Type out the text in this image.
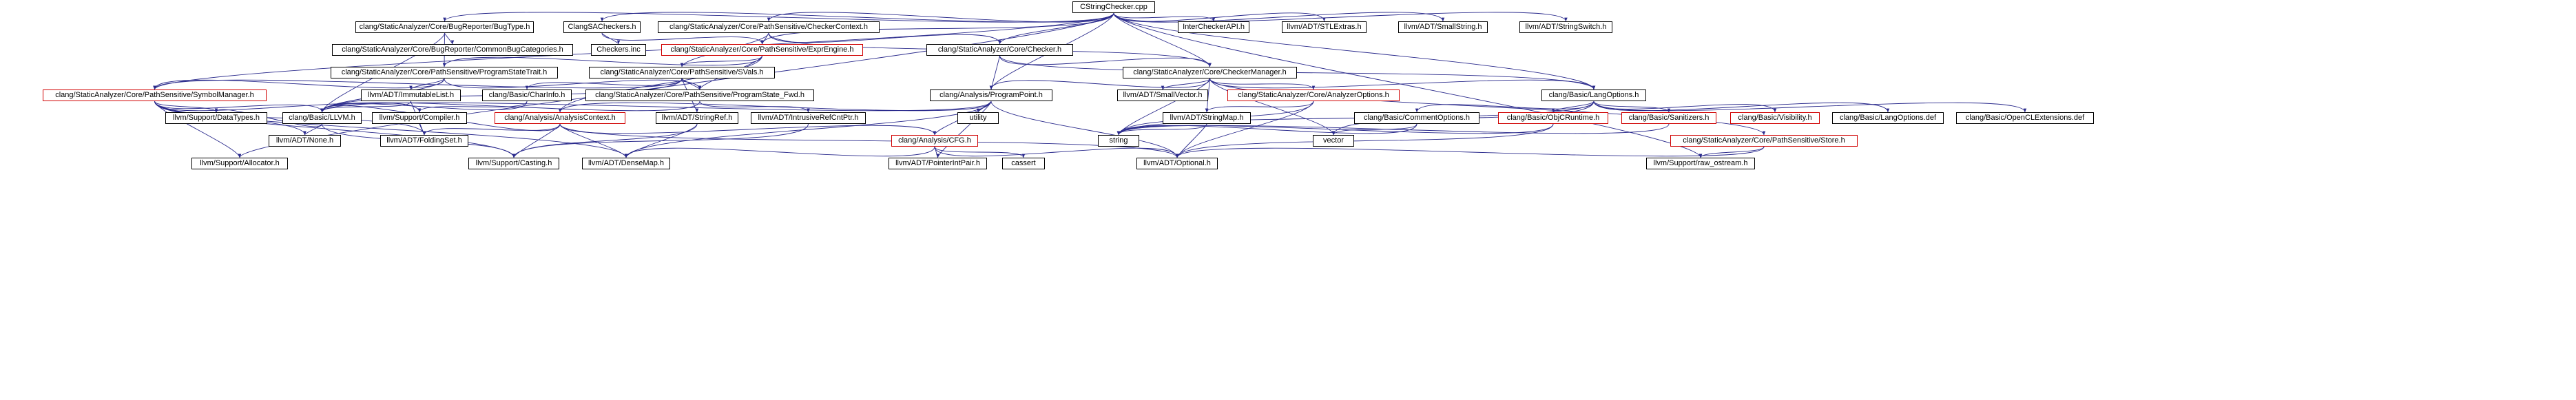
CStringChecker.cpp
clang/StaticAnalyzer/Core/BugReporter/BugType.h	ClangSACheckers.h	clang/StaticAnalyzer/Core/PathSensitive/CheckerContext.h	InterCheckerAPI.h	llvm/ADT/STLExtras.h	llvm/ADT/SmallString.h	llvm/ADT/StringSwitch.h
clang/StaticAnalyzer/Core/BugReporter/CommonBugCategories.h	Checkers.inc	clang/StaticAnalyzer/Core/PathSensitive/ExprEngine.h	clang/StaticAnalyzer/Core/Checker.h
clang/StaticAnalyzer/Core/CheckerManager.h
clang/StaticAnalyzer/Core/PathSensitive/ProgramStateTrait.h	clang/StaticAnalyzer/Core/PathSensitive/SVals.h
clang/StaticAnalyzer/Core/PathSensitive/SymbolManager.h	llvm/ADT/ImmutableList.h	clang/Basic/CharInfo.h	clang/StaticAnalyzer/Core/PathSensitive/ProgramState_Fwd.h	clang/Analysis/ProgramPoint.h	llvm/ADT/SmallVector.h	clang/StaticAnalyzer/Core/AnalyzerOptions.h	clang/Basic/LangOptions.h
llvm/Support/DataTypes.h	clang/Basic/LLVM.h	llvm/Support/Compiler.h	clang/Analysis/AnalysisContext.h	llvm/ADT/StringRef.h	llvm/ADT/IntrusiveRefCntPtr.h	utility	llvm/ADT/StringMap.h	clang/Basic/CommentOptions.h	clang/Basic/ObjCRuntime.h	clang/Basic/Sanitizers.h	clang/Basic/Visibility.h	clang/Basic/LangOptions.def	clang/Basic/OpenCLExtensions.def
llvm/ADT/None.h	llvm/ADT/FoldingSet.h	clang/Analysis/CFG.h	string	vector	clang/StaticAnalyzer/Core/PathSensitive/Store.h
llvm/Support/Allocator.h	llvm/Support/Casting.h	llvm/ADT/DenseMap.h	llvm/ADT/PointerIntPair.h	cassert	llvm/ADT/Optional.h	llvm/Support/raw_ostream.h
